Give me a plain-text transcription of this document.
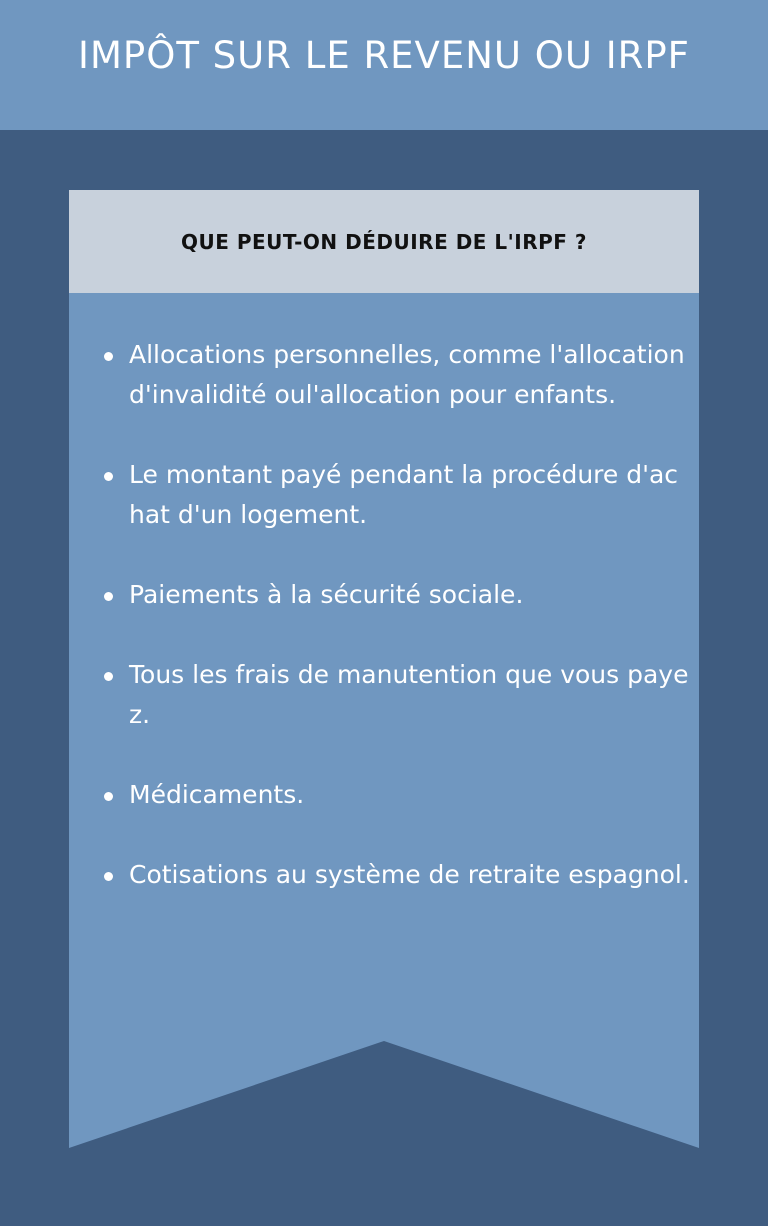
IMPÔT SUR LE REVENU OU IRPF
QUE PEUT-ON DÉDUIRE DE L'IRPF ?
Allocations personnelles, comme l'allocation d'invalidité oul'allocation pour enfants.
Le montant payé pendant la procédure d'achat d'un logement.
Paiements à la sécurité sociale.
Tous les frais de manutention que vous payez.
Médicaments.
Cotisations au système de retraite espagnol.
